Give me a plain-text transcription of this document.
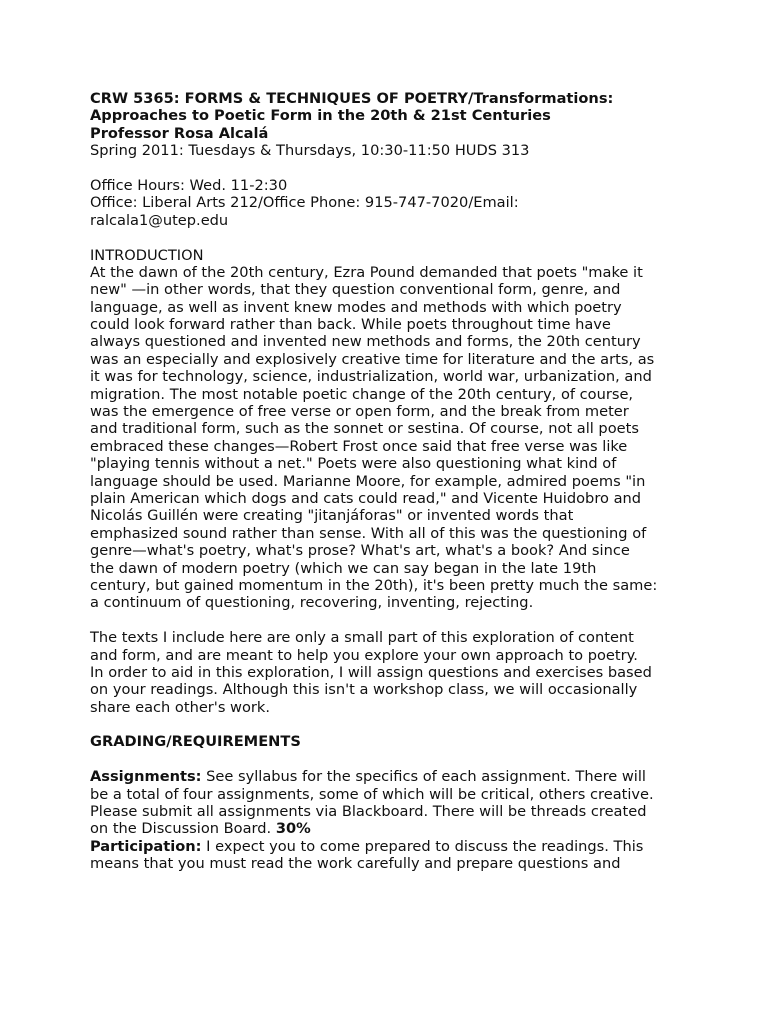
CRW 5365: FORMS & TECHNIQUES OF POETRY/Transformations:
Approaches to Poetic Form in the 20th & 21st Centuries
Professor Rosa Alcalá
Spring 2011: Tuesdays & Thursdays, 10:30-11:50 HUDS 313
Office Hours: Wed. 11-2:30
Office: Liberal Arts 212/Office Phone: 915-747-7020/Email:
ralcala1@utep.edu
INTRODUCTION
At the dawn of the 20th century, Ezra Pound demanded that poets "make it
new" —in other words, that they question conventional form, genre, and
language, as well as invent knew modes and methods with which poetry
could look forward rather than back. While poets throughout time have
always questioned and invented new methods and forms, the 20th century
was an especially and explosively creative time for literature and the arts, as
it was for technology, science, industrialization, world war, urbanization, and
migration. The most notable poetic change of the 20th century, of course,
was the emergence of free verse or open form, and the break from meter
and traditional form, such as the sonnet or sestina. Of course, not all poets
embraced these changes—Robert Frost once said that free verse was like
"playing tennis without a net." Poets were also questioning what kind of
language should be used. Marianne Moore, for example, admired poems "in
plain American which dogs and cats could read," and Vicente Huidobro and
Nicolás Guillén were creating "jitanjáforas" or invented words that
emphasized sound rather than sense. With all of this was the questioning of
genre—what's poetry, what's prose? What's art, what's a book? And since
the dawn of modern poetry (which we can say began in the late 19th
century, but gained momentum in the 20th), it's been pretty much the same:
a continuum of questioning, recovering, inventing, rejecting.
The texts I include here are only a small part of this exploration of content
and form, and are meant to help you explore your own approach to poetry.
In order to aid in this exploration, I will assign questions and exercises based
on your readings. Although this isn't a workshop class, we will occasionally
share each other's work.
GRADING/REQUIREMENTS
Assignments: See syllabus for the specifics of each assignment. There will
be a total of four assignments, some of which will be critical, others creative.
Please submit all assignments via Blackboard. There will be threads created
on the Discussion Board. 30%
Participation: I expect you to come prepared to discuss the readings. This
means that you must read the work carefully and prepare questions and
